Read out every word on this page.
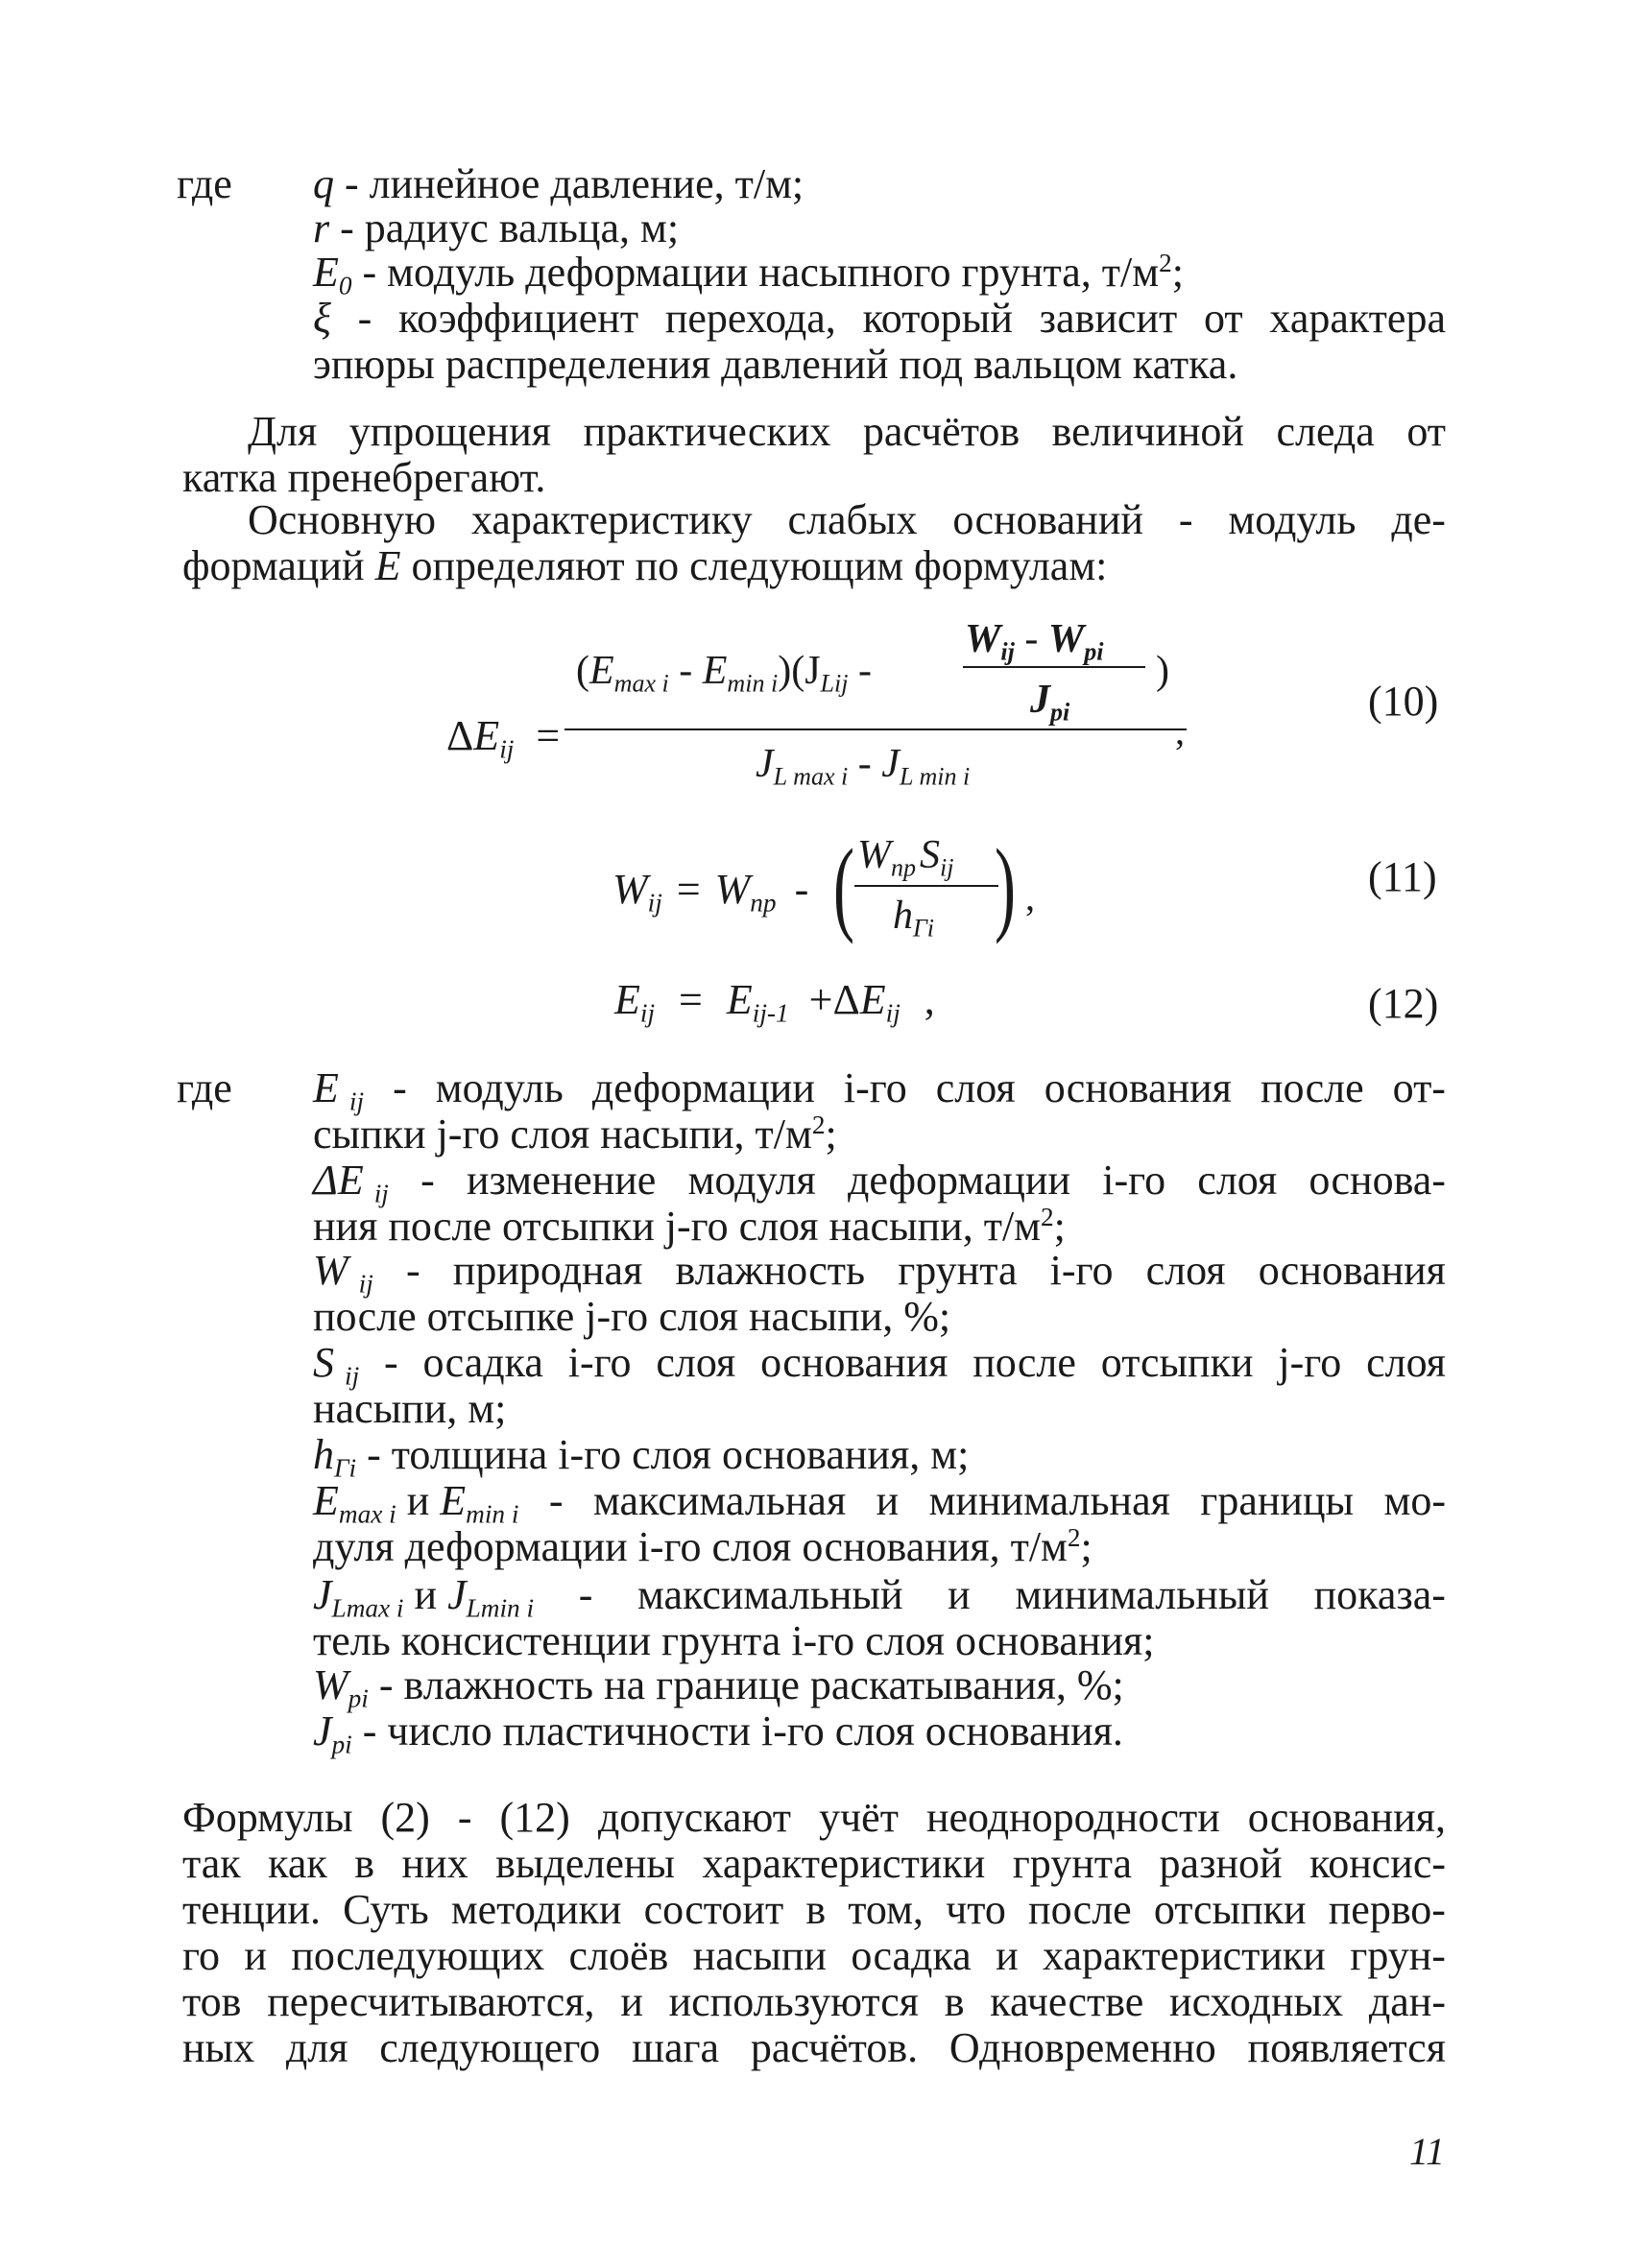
где q - линейное давление, т/м;
r - радиус вальца, м;
$E_0$ - модуль деформации насыпного грунта, $т/м^2$;
ξ - коэффициент перехода, который зависит от характера
эпюры распределения давлений под вальцом катка.
Для упрощения практических расчётов величиной следа от
катка пренебрегают.
Основную характеристику слабых оснований - модуль де-
формаций E определяют по следующим формулам:
$\Delta E_{ij}$ =
$(E_{max i} - E_{min i})(J_{Lij}$ -
$W_{ij} - W_{pi}$
$J_{pi}$
)
,
$J_{L max i} - J_{L min i}$
(10)
$W_{ij} = W_{пр}$ - ( $W_{пр}S_{ij}$
$h_{Гi}$ ) ,	(11)
$E_{ij} = E_{ij-1} +\Delta E_{ij}$ ,	(12)
где E $_{ij}$ - модуль деформации i-го слоя основания после от-
сыпки j-го слоя насыпи, $т/м^2$;
ΔE $_{ij}$ - изменение модуля деформации i-го слоя основа-
ния после отсыпки j-го слоя насыпи, $т/м^2$;
W $_{ij}$ - природная влажность грунта i-го слоя основания
после отсыпке j-го слоя насыпи, %;
S $_{ij}$ - осадка i-го слоя основания после отсыпки j-го слоя
насыпи, м;
$h_{Гi}$ - толщина i-го слоя основания, м;
$E_{max i}$ и $E_{min i}$ - максимальная и минимальная границы мо-
дуля деформации i-го слоя основания, $т/м^2$;
$J_{Lmax i}$ и $J_{Lmin i}$ - максимальный и минимальный показа-
тель консистенции грунта i-го слоя основания;
$W_{pi}$ - влажность на границе раскатывания, %;
$J_{pi}$ - число пластичности i-го слоя основания.
Формулы (2) - (12) допускают учёт неоднородности основания,
так как в них выделены характеристики грунта разной консис-
тенции. Суть методики состоит в том, что после отсыпки перво-
го и последующих слоёв насыпи осадка и характеристики грун-
тов пересчитываются, и используются в качестве исходных дан-
ных для следующего шага расчётов. Одновременно появляется
11
